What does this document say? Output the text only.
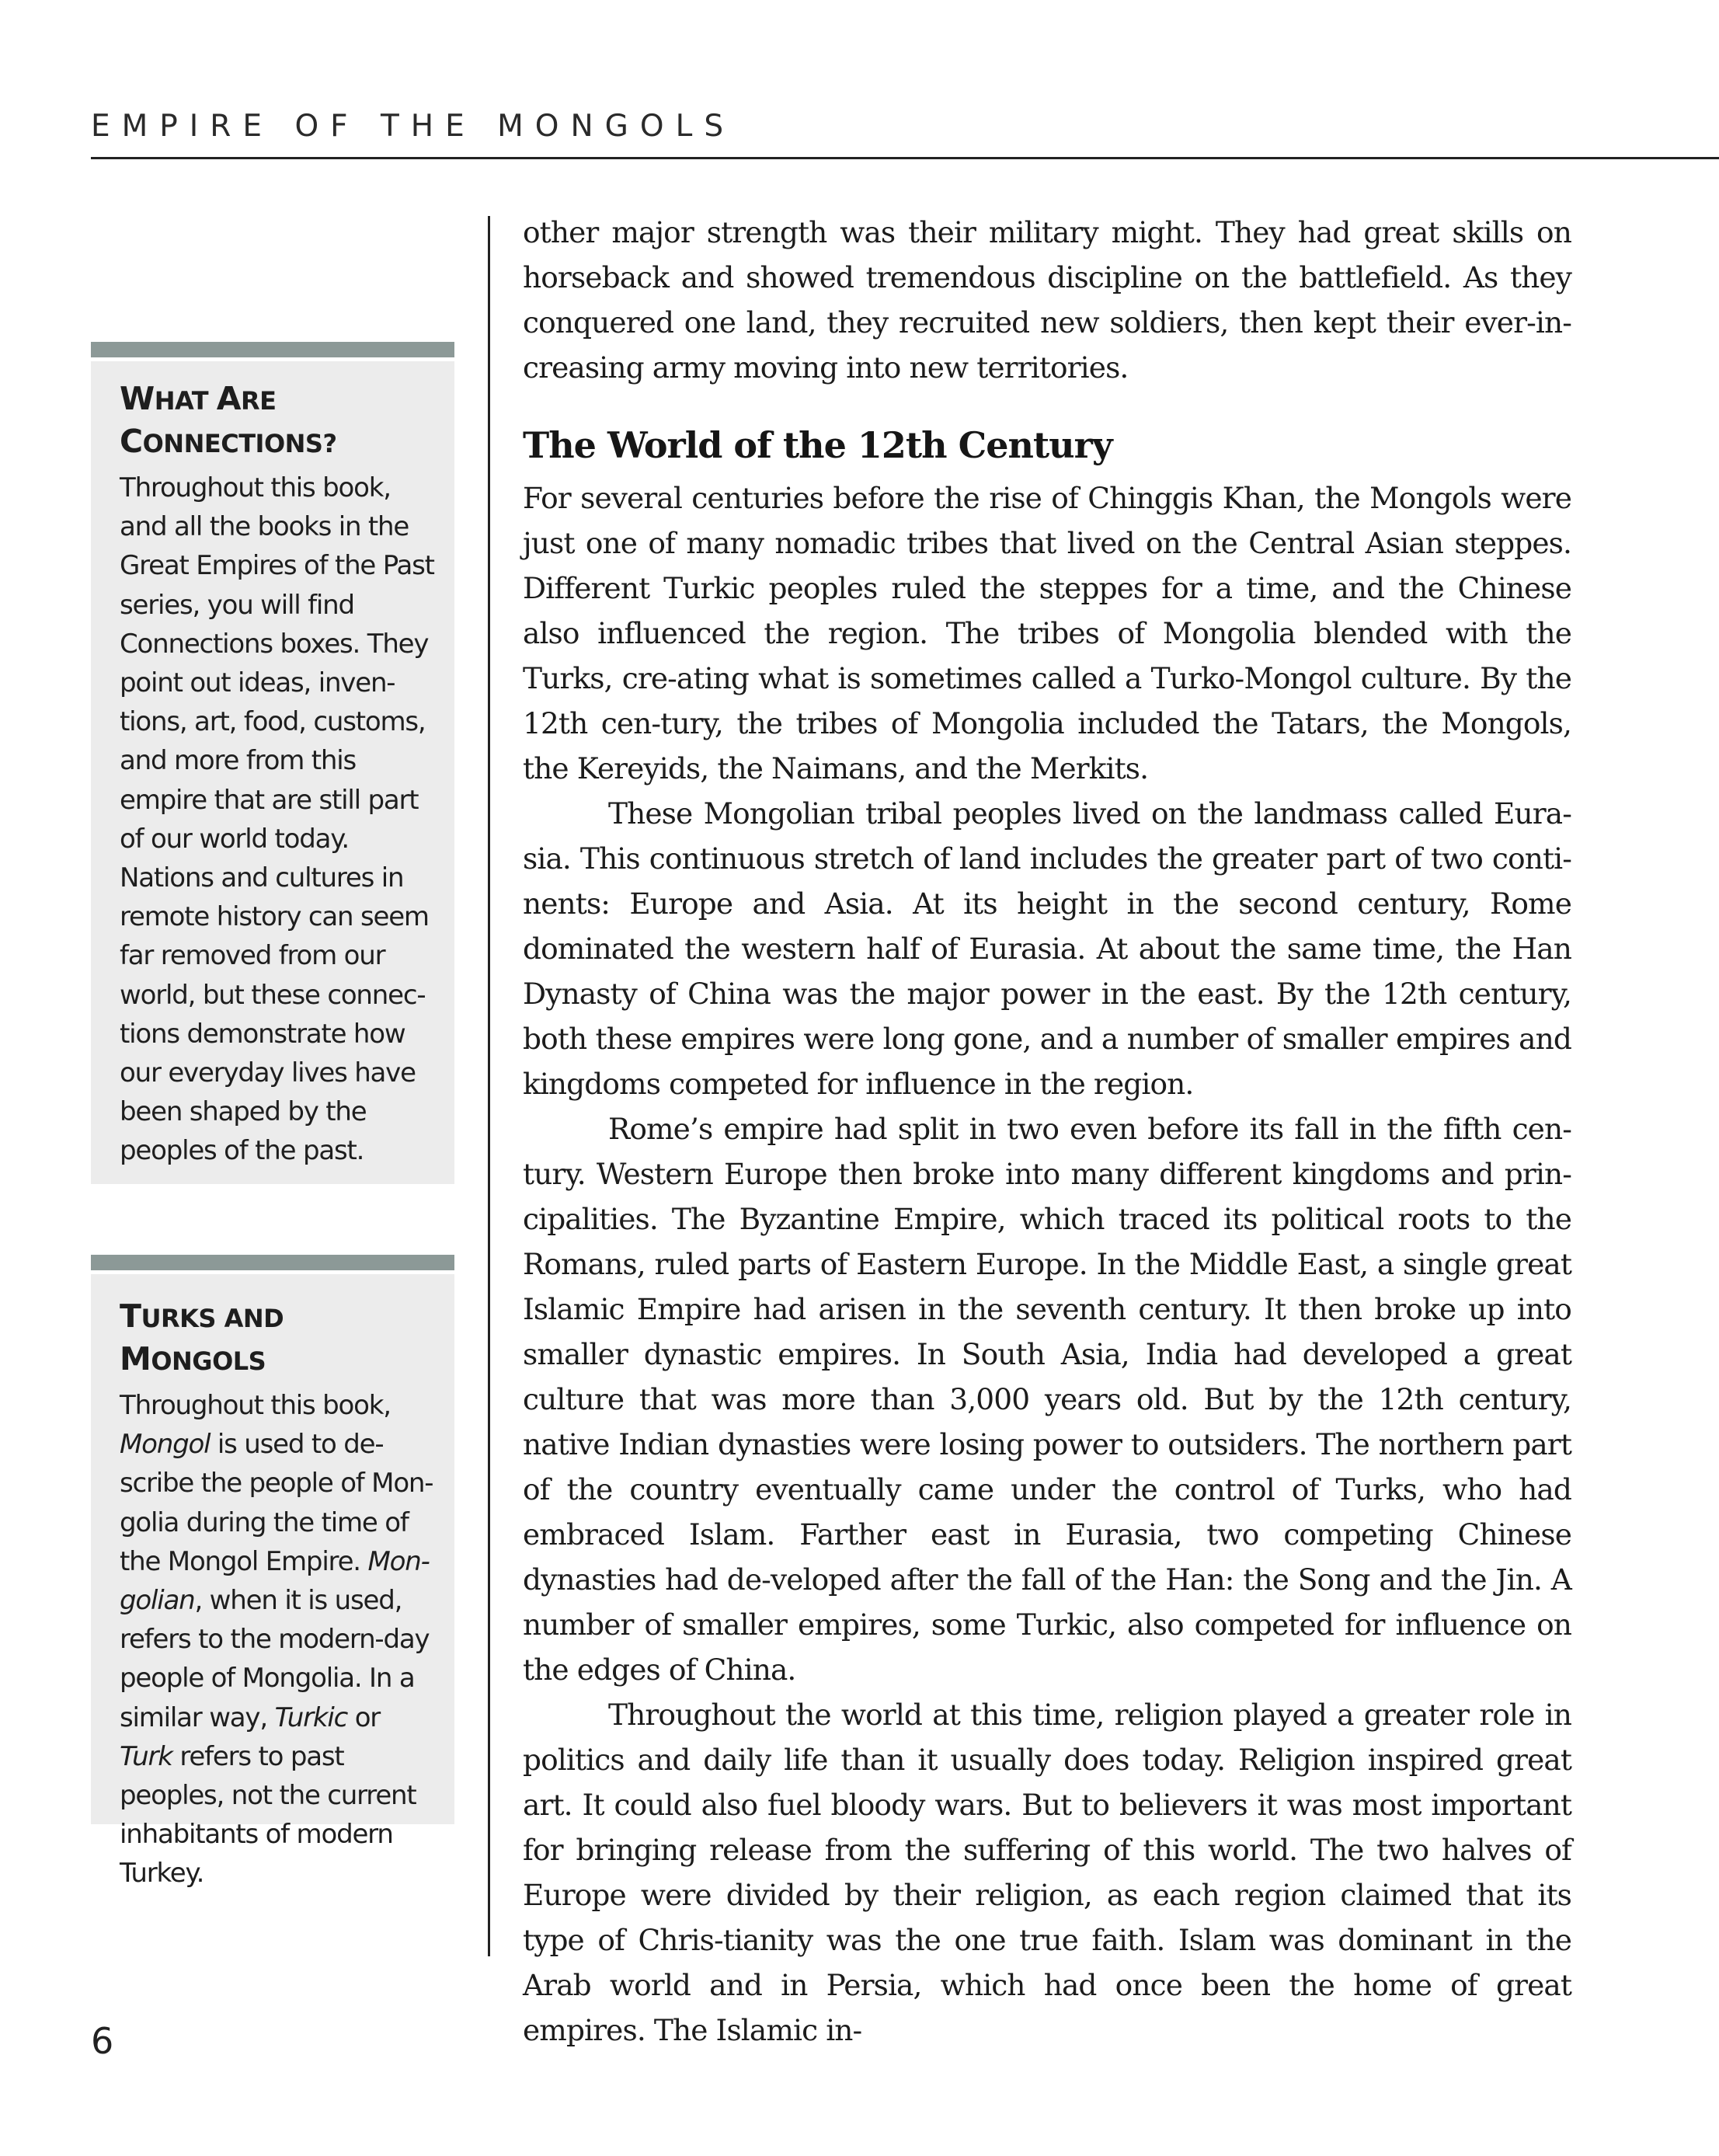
EMPIRE OF THE MONGOLS
WHAT ARE
CONNECTIONS?
Throughout this book, and all the books in the Great Empires of the Past series, you will find Connections boxes. They point out ideas, inven-tions, art, food, customs, and more from this empire that are still part of our world today. Nations and cultures in remote history can seem far removed from our world, but these connec-tions demonstrate how our everyday lives have been shaped by the peoples of the past.
TURKS AND MONGOLS
Throughout this book, Mongol is used to de-scribe the people of Mon-golia during the time of the Mongol Empire. Mon-golian, when it is used, refers to the modern-day people of Mongolia. In a similar way, Turkic or Turk refers to past peoples, not the current inhabitants of modern Turkey.

other major strength was their military might. They had great skills on horseback and showed tremendous discipline on the battlefield. As they conquered one land, they recruited new soldiers, then kept their ever-in-creasing army moving into new territories.

The World of the 12th Century

For several centuries before the rise of Chinggis Khan, the Mongols were just one of many nomadic tribes that lived on the Central Asian steppes. Different Turkic peoples ruled the steppes for a time, and the Chinese also influenced the region. The tribes of Mongolia blended with the Turks, cre-ating what is sometimes called a Turko-Mongol culture. By the 12th cen-tury, the tribes of Mongolia included the Tatars, the Mongols, the Kereyids, the Naimans, and the Merkits.

These Mongolian tribal peoples lived on the landmass called Eura-sia. This continuous stretch of land includes the greater part of two conti-nents: Europe and Asia. At its height in the second century, Rome dominated the western half of Eurasia. At about the same time, the Han Dynasty of China was the major power in the east. By the 12th century, both these empires were long gone, and a number of smaller empires and kingdoms competed for influence in the region.

Rome’s empire had split in two even before its fall in the fifth cen-tury. Western Europe then broke into many different kingdoms and prin-cipalities. The Byzantine Empire, which traced its political roots to the Romans, ruled parts of Eastern Europe. In the Middle East, a single great Islamic Empire had arisen in the seventh century. It then broke up into smaller dynastic empires. In South Asia, India had developed a great culture that was more than 3,000 years old. But by the 12th century, native Indian dynasties were losing power to outsiders. The northern part of the country eventually came under the control of Turks, who had embraced Islam. Farther east in Eurasia, two competing Chinese dynasties had de-veloped after the fall of the Han: the Song and the Jin. A number of smaller empires, some Turkic, also competed for influence on the edges of China.

Throughout the world at this time, religion played a greater role in politics and daily life than it usually does today. Religion inspired great art. It could also fuel bloody wars. But to believers it was most important for bringing release from the suffering of this world. The two halves of Europe were divided by their religion, as each region claimed that its type of Chris-tianity was the one true faith. Islam was dominant in the Arab world and in Persia, which had once been the home of great empires. The Islamic in-

6
